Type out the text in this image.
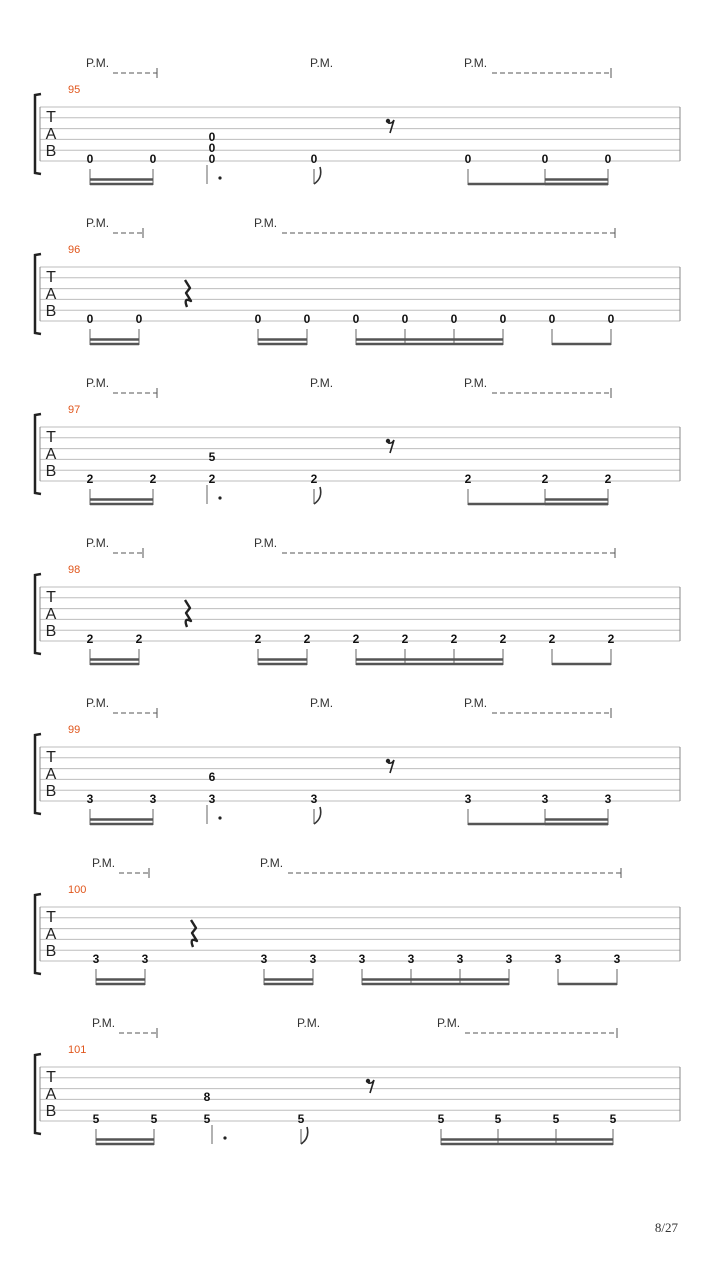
P.M.	P.M.	P.M.
95
T
A
B	0	0
0
0
0	0	0	0	0
P.M.	P.M.
96
T
A
B	0	0	0	0	0	0	0	0	0	0
P.M.	P.M.	P.M.
97
T
A
B	2	2
5
2	2	2	2	2
P.M.	P.M.
98
T
A
B	2	2	2	2	2	2	2	2	2	2
P.M.	P.M.	P.M.
99
T
A
B	3	3
6
3	3	3	3	3
P.M.	P.M.
100
T
A
B	3	3	3	3	3	3	3	3	3	3
P.M.	P.M.	P.M.
101
T
A
B	5	5
8
5	5	5	5	5	5
8/27
